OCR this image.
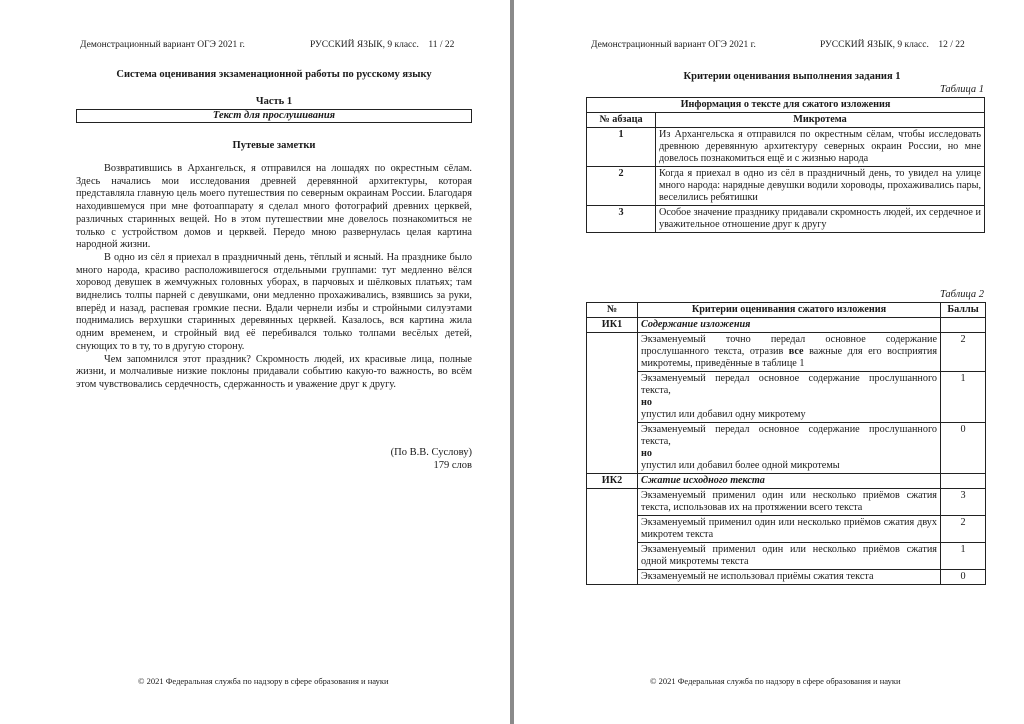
Демонстрационный вариант ОГЭ 2021 г.	РУССКИЙ ЯЗЫК, 9 класс.    11 / 22
Система оценивания экзаменационной работы по русскому языку
Часть 1
Текст для прослушивания
Путевые заметки

Возвратившись в Архангельск, я отправился на лошадях по окрестным сёлам. Здесь начались мои исследования древней деревянной архитектуры, которая представляла главную цель моего путешествия по северным окраинам России. Благодаря находившемуся при мне фотоаппарату я сделал много фотографий древних церквей, различных старинных вещей. Но в этом путешествии мне довелось познакомиться не только с устройством домов и церквей. Передо мною развернулась целая картина народной жизни.

В одно из сёл я приехал в праздничный день, тёплый и ясный. На празднике было много народа, красиво расположившегося отдельными группами: тут медленно вёлся хоровод девушек в жемчужных головных уборах, в парчовых и шёлковых платьях; там виднелись толпы парней с девушками, они медленно прохаживались, взявшись за руки, вперёд и назад, распевая громкие песни. Вдали чернели избы и стройными силуэтами поднимались верхушки старинных деревянных церквей. Казалось, вся картина жила одним временем, и стройный вид её перебивался только толпами весёлых детей, снующих то в ту, то в другую сторону.

Чем запомнился этот праздник? Скромность людей, их красивые лица, полные жизни, и молчаливые низкие поклоны придавали событию какую-то важность, во всём этом чувствовались сердечность, сдержанность и уважение друг к другу.

(По В.В. Суслову)
179 слов
© 2021 Федеральная служба по надзору в сфере образования и науки
Демонстрационный вариант ОГЭ 2021 г.	РУССКИЙ ЯЗЫК, 9 класс.    12 / 22
Критерии оценивания выполнения задания 1
Таблица 1
Информация о тексте для сжатого изложения	
№ абзаца	Микротема
1	Из Архангельска я отправился по окрестным сёлам, чтобы исследовать древнюю деревянную архитектуру северных окраин России, но мне довелось познакомиться ещё и с жизнью народа
2	Когда я приехал в одно из сёл в праздничный день, то увидел на улице много народа: нарядные девушки водили хороводы, прохаживались пары, веселились ребятишки
3	Особое значение празднику придавали скромность людей, их сердечное и уважительное отношение друг к другу
Таблица 2
№	Критерии оценивания сжатого изложения	Баллы
ИК1	Содержание изложения	
	Экзаменуемый точно передал основное содержание прослушанного текста, отразив все важные для его восприятия микротемы, приведённые в таблице 1	2

	Экзаменуемый передал основное содержание прослушанного текста,
но
упустил или добавил одну микротему	1

	Экзаменуемый передал основное содержание прослушанного текста,
но
упустил или добавил более одной микротемы	0
ИК2	Сжатие исходного текста	
	Экзаменуемый применил один или несколько приёмов сжатия текста, использовав их на протяжении всего текста	3
	Экзаменуемый применил один или несколько приёмов сжатия двух микротем текста	2
	Экзаменуемый применил один или несколько приёмов сжатия одной микротемы текста	1
	Экзаменуемый не использовал приёмы сжатия текста	0
© 2021 Федеральная служба по надзору в сфере образования и науки
